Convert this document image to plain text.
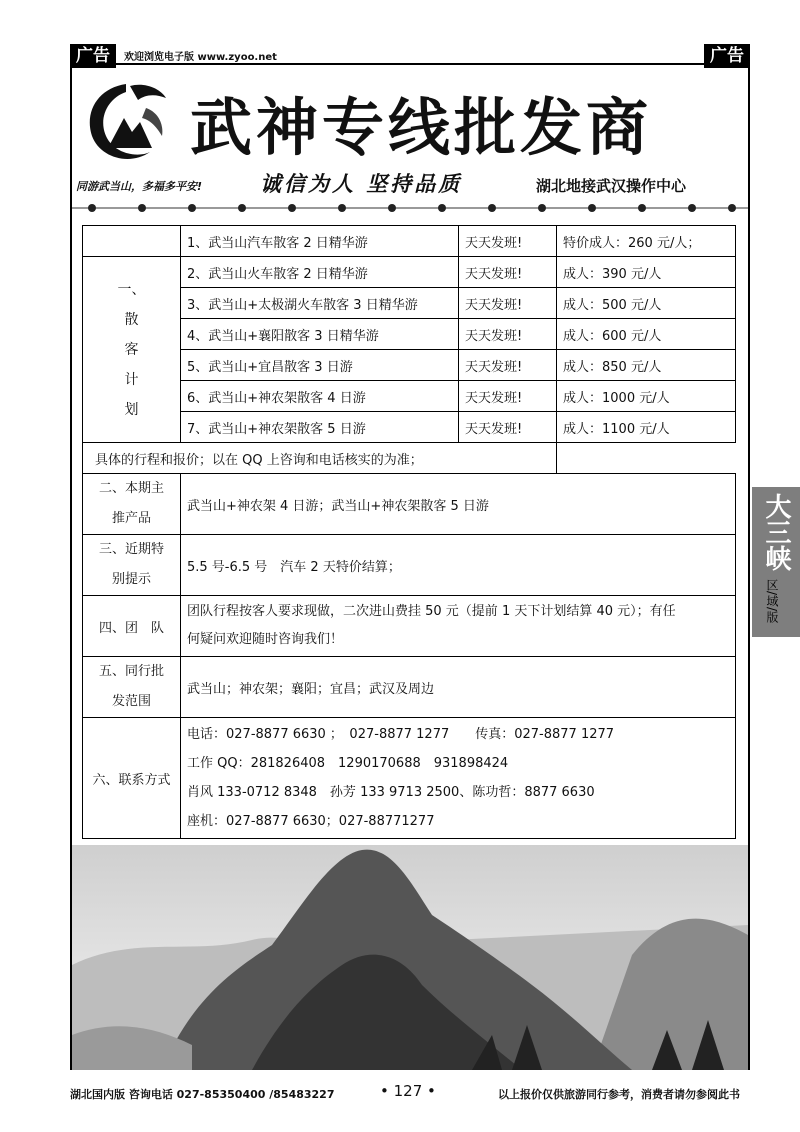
广告	欢迎浏览电子版 www.zyoo.net	广告
武神专线批发商
同游武当山，多福多平安!	诚信为人 坚持品质	湖北地接武汉操作中心
	1、武当山汽车散客 2 日精华游	天天发班!	特价成人：260 元/人；

一、
散
客
计
划	2、武当山火车散客 2 日精华游	天天发班!	成人：390 元/人
	3、武当山+太极湖火车散客 3 日精华游	天天发班!	成人：500 元/人
	4、武当山+襄阳散客 3 日精华游	天天发班!	成人：600 元/人
	5、武当山+宜昌散客 3 日游	天天发班!	成人：850 元/人
	6、武当山+神农架散客 4 日游	天天发班!	成人：1000 元/人
	7、武当山+神农架散客 5 日游	天天发班!	成人：1100 元/人
具体的行程和报价；以在 QQ 上咨询和电话核实的为准；			

二、本期主
推产品	武当山+神农架 4 日游；武当山+神农架散客 5 日游		

三、近期特
别提示	5.5 号-6.5 号　汽车 2 天特价结算；		
四、团　队	团队行程按客人要求现做，二次进山费挂 50 元（提前 1 天下计划结算 40 元）；有任
何疑问欢迎随时咨询我们！		

五、同行批
发范围	武当山；神农架；襄阳；宜昌；武汉及周边		
六、联系方式	电话：027-8877 6630 ；　027-8877 1277　　传真：027-8877 1277
工作 QQ：281826408　1290170688　931898424
肖风 133-0712 8348　孙芳 133 9713 2500、陈功哲：8877 6630
座机：027-8877 6630；027-88771277		
大三峡
区/域/版
湖北国内版 咨询电话 027-85350400 /85483227	• 127 •	以上报价仅供旅游同行参考，消费者请勿参阅此书
